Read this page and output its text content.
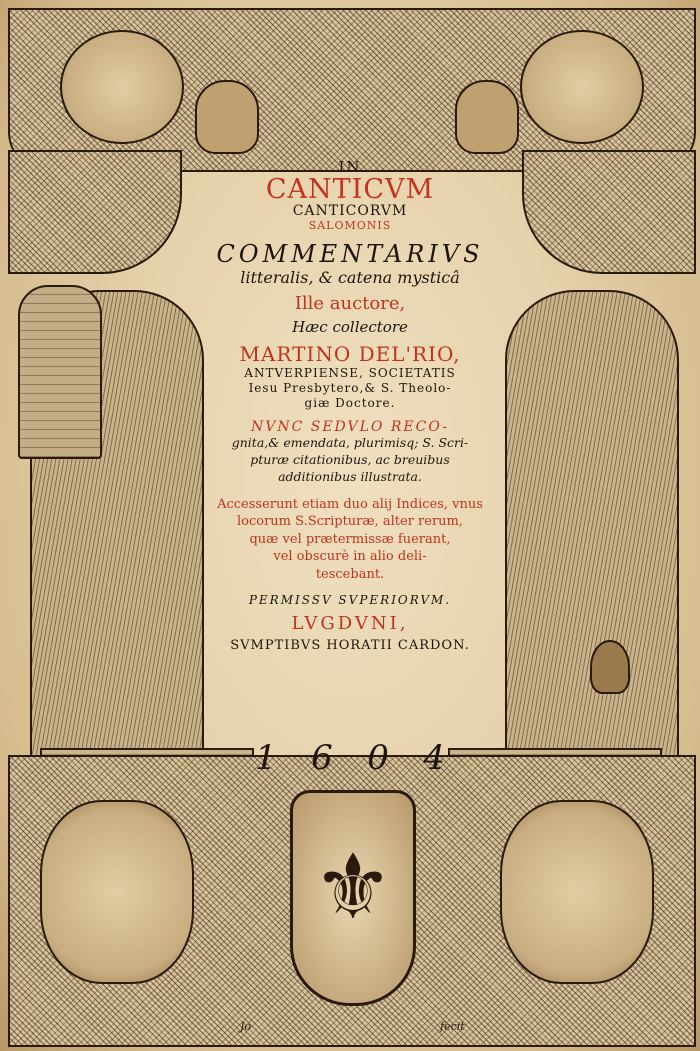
⚜

IN

CANTICVM

CANTICORVM

SALOMONIS

COMMENTARIVS

litteralis, & catena mysticâ

Ille auctore,

Hæc collectore

MARTINO DEL'RIO,

ANTVERPIENSE, SOCIETATIS

Iesu Presbytero,& S. Theolo-

giæ Doctore.

NVNC SEDVLO RECO-

gnita,& emendata, plurimisq; S. Scri-

pturæ citationibus, ac breuibus

additionibus illustrata.

Accesserunt etiam duo alij Indices, vnus

locorum S.Scripturæ, alter rerum,

quæ vel prætermissæ fuerant,

vel obscurè in alio deli-

tescebant.

PERMISSV SVPERIORVM.

LVGDVNI,

SVMPTIBVS HORATII CARDON.

1 6 0 4
Jo	fecit
